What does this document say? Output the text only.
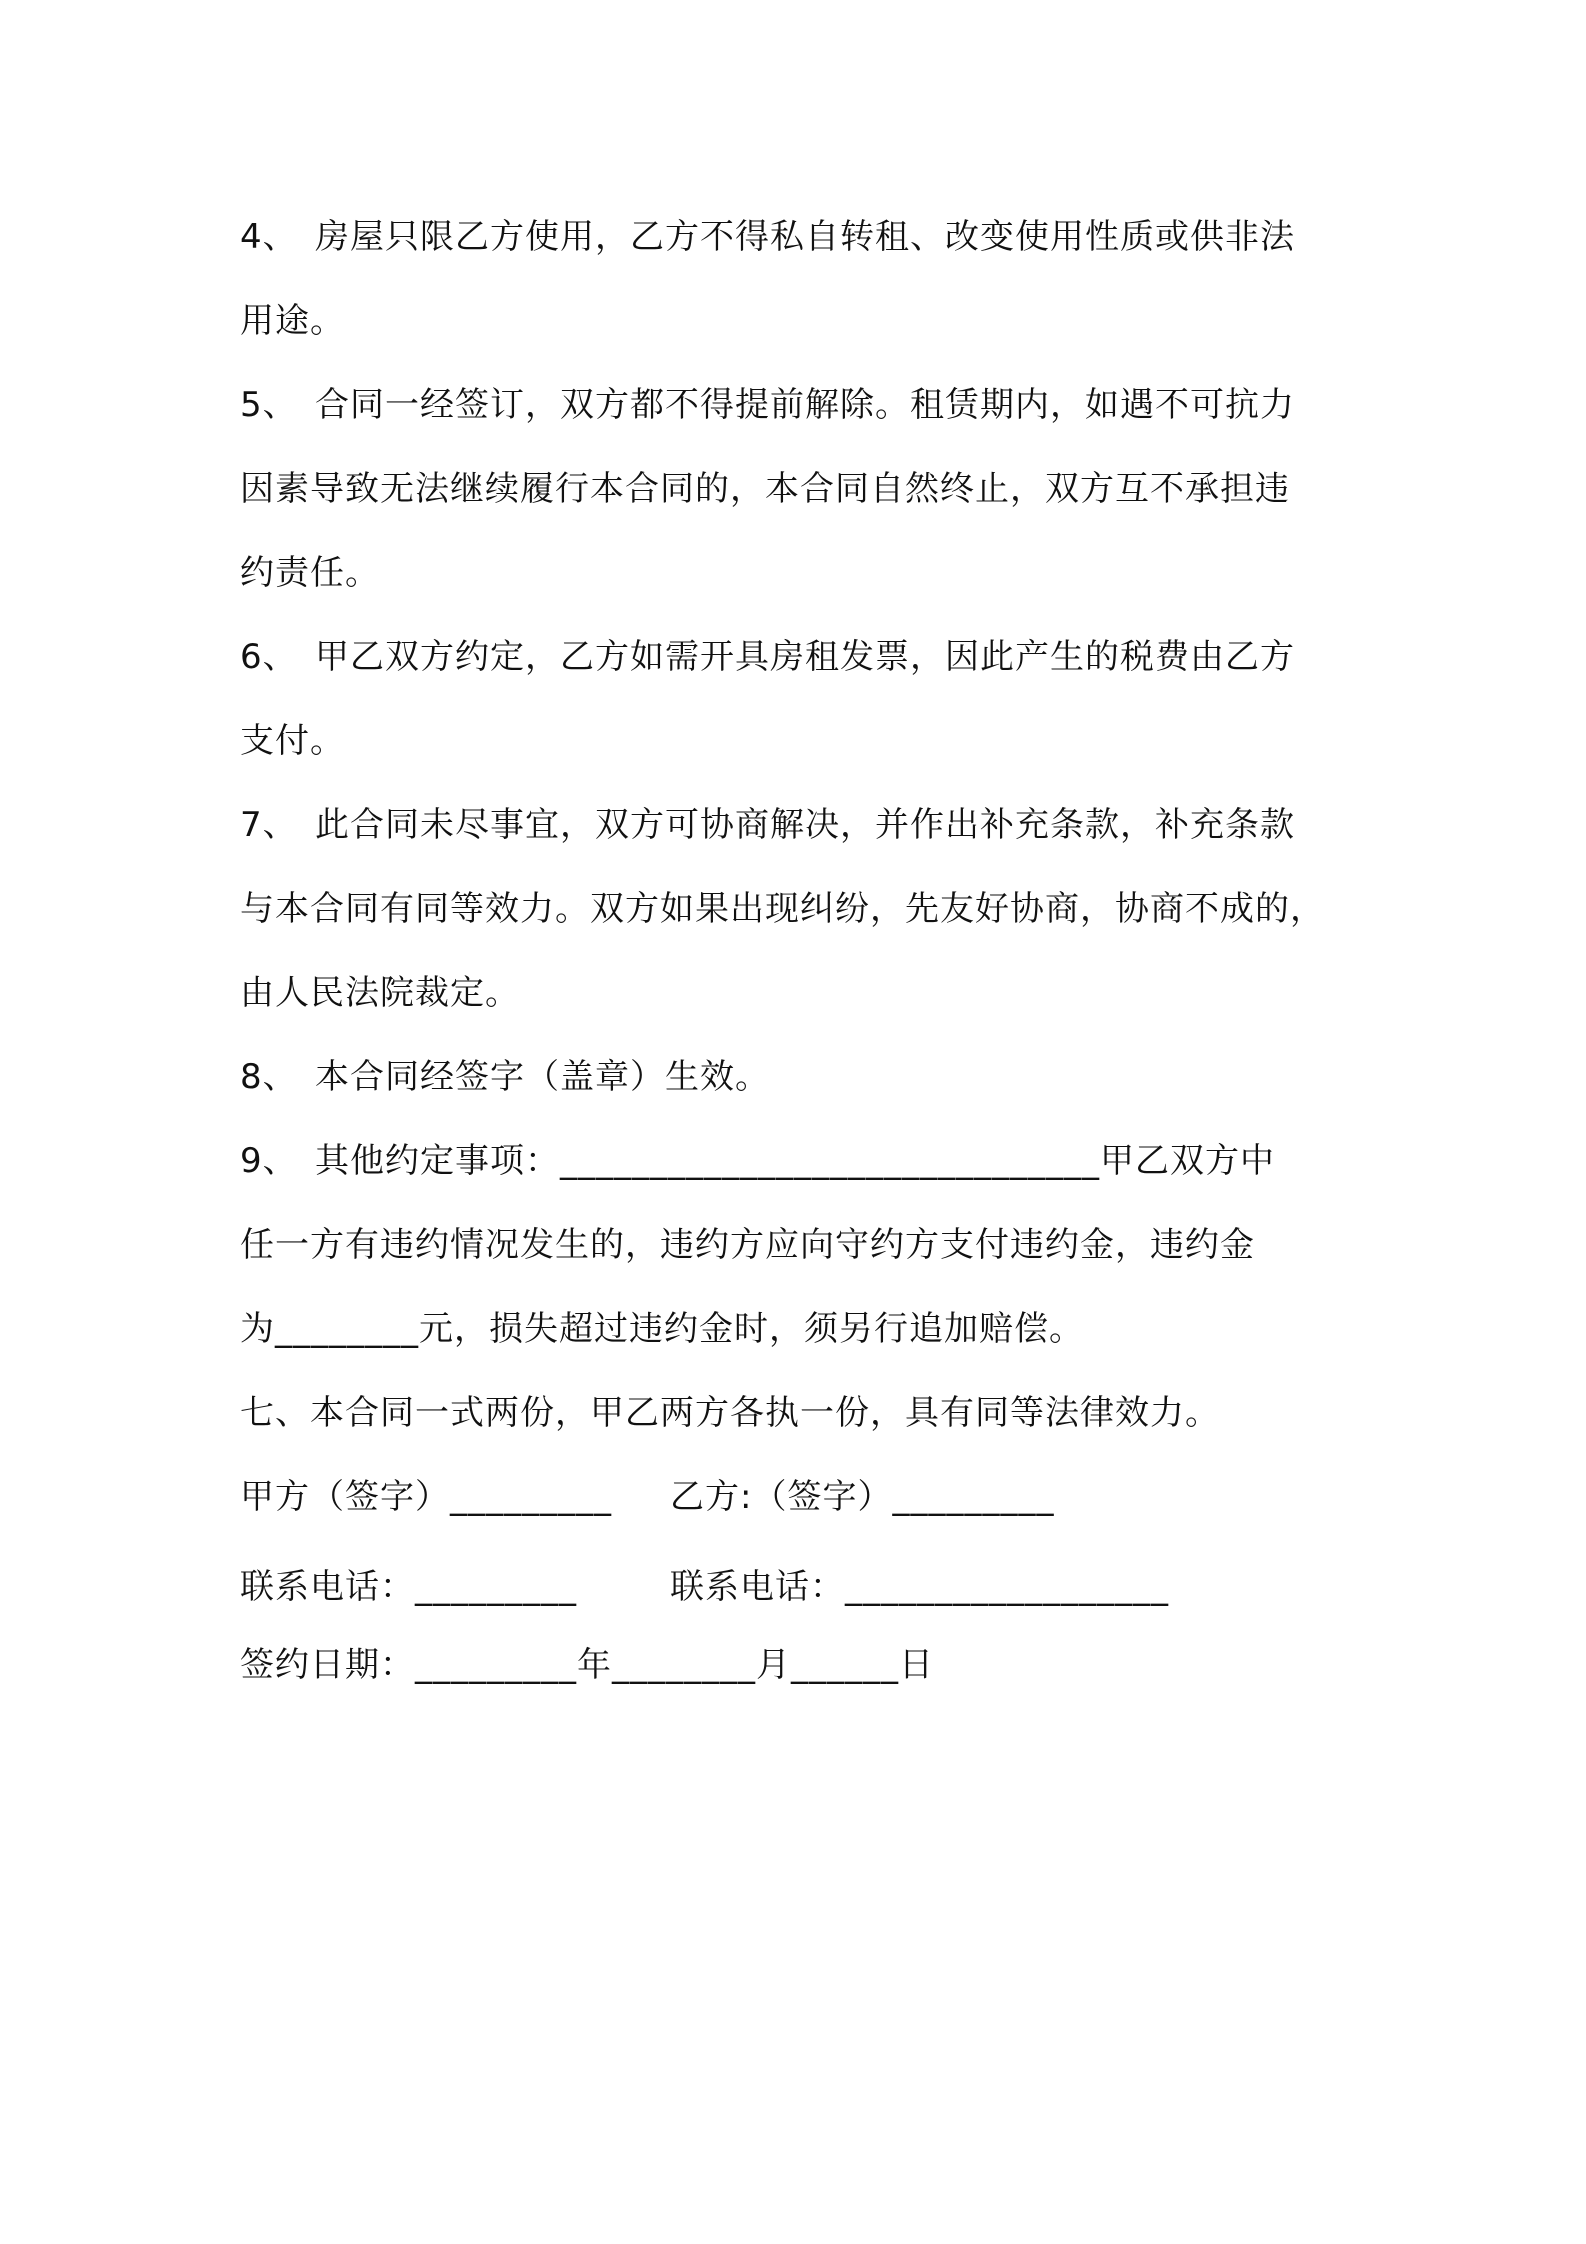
4、 房屋只限乙方使用，乙方不得私自转租、改变使用性质或供非法
用途。
5、 合同一经签订，双方都不得提前解除。租赁期内，如遇不可抗力
因素导致无法继续履行本合同的，本合同自然终止，双方互不承担违
约责任。
6、 甲乙双方约定，乙方如需开具房租发票，因此产生的税费由乙方
支付。
7、 此合同未尽事宜，双方可协商解决，并作出补充条款，补充条款
与本合同有同等效力。双方如果出现纠纷，先友好协商，协商不成的，
由人民法院裁定。
8、 本合同经签字（盖章）生效。
9、 其他约定事项：______________________________甲乙双方中
任一方有违约情况发生的，违约方应向守约方支付违约金，违约金
为________元，损失超过违约金时，须另行追加赔偿。
七、本合同一式两份，甲乙两方各执一份，具有同等法律效力。
甲方（签字）_________ 乙方:（签字）_________
联系电话：_________	联系电话：__________________
签约日期：_________年________月______日
